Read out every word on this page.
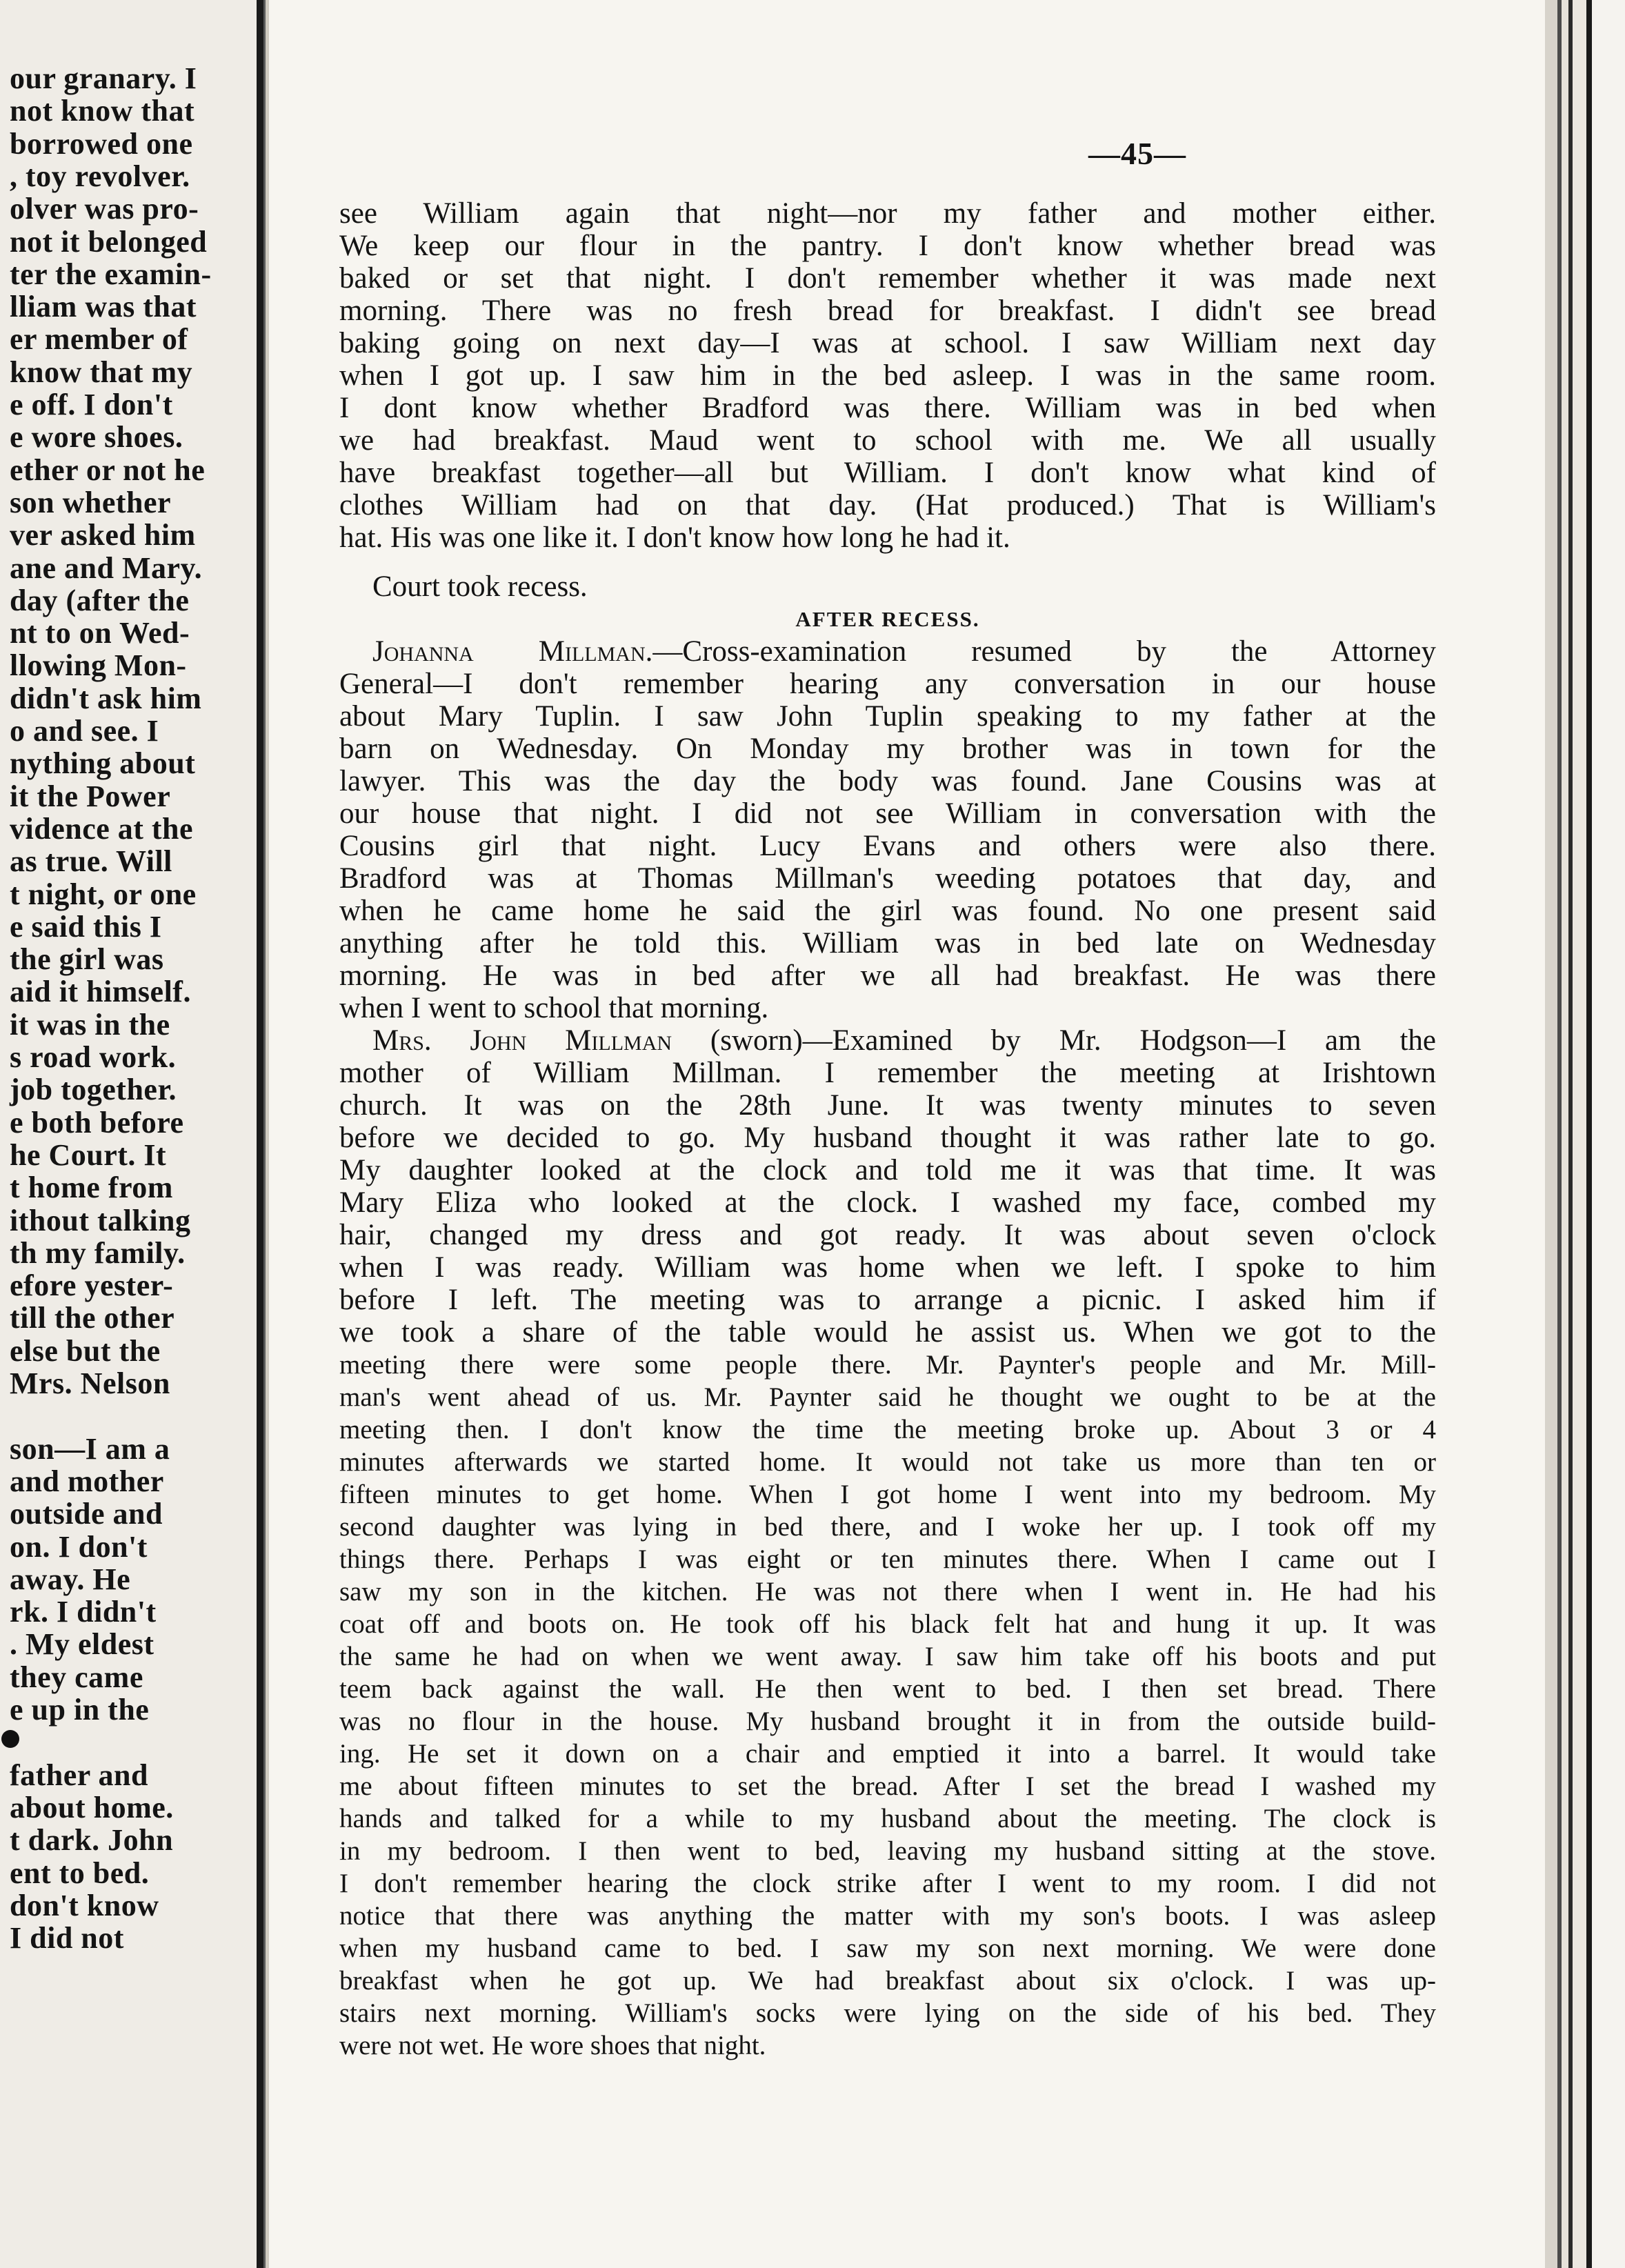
our granary. I
not know that
borrowed one
, toy revolver.
olver was pro-
not it belonged
ter the examin-
lliam was that
er member of
know that my
e off. I don't
e wore shoes.
ether or not he
son whether
ver asked him
ane and Mary.
day (after the
nt to on Wed-
llowing Mon-
didn't ask him
o and see. I
nything about
it the Power
vidence at the
as true. Will
t night, or one
e said this I
the girl was
aid it himself.
it was in the
s road work.
job together.
e both before
he Court. It
t home from
ithout talking
th my family.
efore yester-
till the other
else but the
Mrs. Nelson
son—I am a
and mother
outside and
on. I don't
away. He
rk. I didn't
. My eldest
they came
e up in the
father and
about home.
t dark. John
ent to bed.
don't know
I did not
—45—
see William again that night—nor my father and mother either.
We keep our flour in the pantry. I don't know whether bread was
baked or set that night. I don't remember whether it was made next
morning. There was no fresh bread for breakfast. I didn't see bread
baking going on next day—I was at school. I saw William next day
when I got up. I saw him in the bed asleep. I was in the same room.
I dont know whether Bradford was there. William was in bed when
we had breakfast. Maud went to school with me. We all usually
have breakfast together—all but William. I don't know what kind of
clothes William had on that day. (Hat produced.) That is William's
hat. His was one like it. I don't know how long he had it.
Court took recess.
AFTER RECESS.
Johanna Millman.—Cross-examination resumed by the Attorney
General—I don't remember hearing any conversation in our house
about Mary Tuplin. I saw John Tuplin speaking to my father at the
barn on Wednesday. On Monday my brother was in town for the
lawyer. This was the day the body was found. Jane Cousins was at
our house that night. I did not see William in conversation with the
Cousins girl that night. Lucy Evans and others were also there.
Bradford was at Thomas Millman's weeding potatoes that day, and
when he came home he said the girl was found. No one present said
anything after he told this. William was in bed late on Wednesday
morning. He was in bed after we all had breakfast. He was there
when I went to school that morning.
Mrs. John Millman (sworn)—Examined by Mr. Hodgson—I am the
mother of William Millman. I remember the meeting at Irishtown
church. It was on the 28th June. It was twenty minutes to seven
before we decided to go. My husband thought it was rather late to go.
My daughter looked at the clock and told me it was that time. It was
Mary Eliza who looked at the clock. I washed my face, combed my
hair, changed my dress and got ready. It was about seven o'clock
when I was ready. William was home when we left. I spoke to him
before I left. The meeting was to arrange a picnic. I asked him if
we took a share of the table would he assist us. When we got to the
meeting there were some people there. Mr. Paynter's people and Mr. Mill-
man's went ahead of us. Mr. Paynter said he thought we ought to be at the
meeting then. I don't know the time the meeting broke up. About 3 or 4
minutes afterwards we started home. It would not take us more than ten or
fifteen minutes to get home. When I got home I went into my bedroom. My
second daughter was lying in bed there, and I woke her up. I took off my
things there. Perhaps I was eight or ten minutes there. When I came out I
saw my son in the kitchen. He was not there when I went in. He had his
coat off and boots on. He took off his black felt hat and hung it up. It was
the same he had on when we went away. I saw him take off his boots and put
teem back against the wall. He then went to bed. I then set bread. There
was no flour in the house. My husband brought it in from the outside build-
ing. He set it down on a chair and emptied it into a barrel. It would take
me about fifteen minutes to set the bread. After I set the bread I washed my
hands and talked for a while to my husband about the meeting. The clock is
in my bedroom. I then went to bed, leaving my husband sitting at the stove.
I don't remember hearing the clock strike after I went to my room. I did not
notice that there was anything the matter with my son's boots. I was asleep
when my husband came to bed. I saw my son next morning. We were done
breakfast when he got up. We had breakfast about six o'clock. I was up-
stairs next morning. William's socks were lying on the side of his bed. They
were not wet. He wore shoes that night.
